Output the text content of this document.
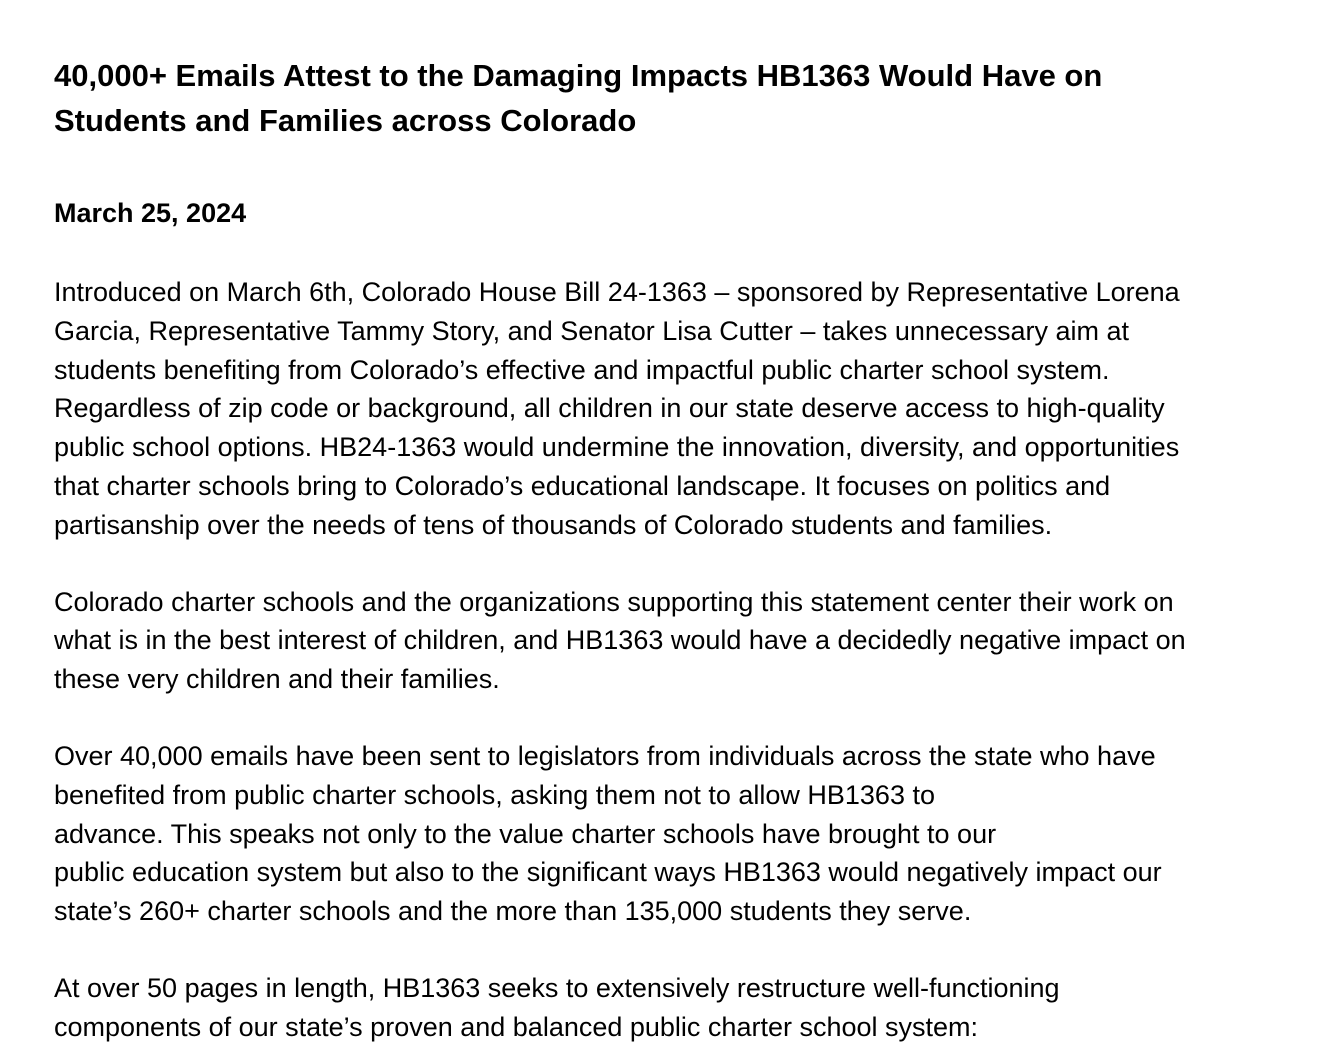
40,000+ Emails Attest to the Damaging Impacts HB1363 Would Have on
Students and Families across Colorado

March 25, 2024

Introduced on March 6th, Colorado House Bill 24-1363 – sponsored by Representative Lorena
Garcia, Representative Tammy Story, and Senator Lisa Cutter – takes unnecessary aim at
students benefiting from Colorado’s effective and impactful public charter school system.
Regardless of zip code or background, all children in our state deserve access to high-quality
public school options. HB24-1363 would undermine the innovation, diversity, and opportunities
that charter schools bring to Colorado’s educational landscape. It focuses on politics and
partisanship over the needs of tens of thousands of Colorado students and families.

Colorado charter schools and the organizations supporting this statement center their work on
what is in the best interest of children, and HB1363 would have a decidedly negative impact on
these very children and their families.

Over 40,000 emails have been sent to legislators from individuals across the state who have
benefited from public charter schools, asking them not to allow HB1363 to
advance. This speaks not only to the value charter schools have brought to our
public education system but also to the significant ways HB1363 would negatively impact our
state’s 260+ charter schools and the more than 135,000 students they serve.

At over 50 pages in length, HB1363 seeks to extensively restructure well-functioning
components of our state’s proven and balanced public charter school system:
